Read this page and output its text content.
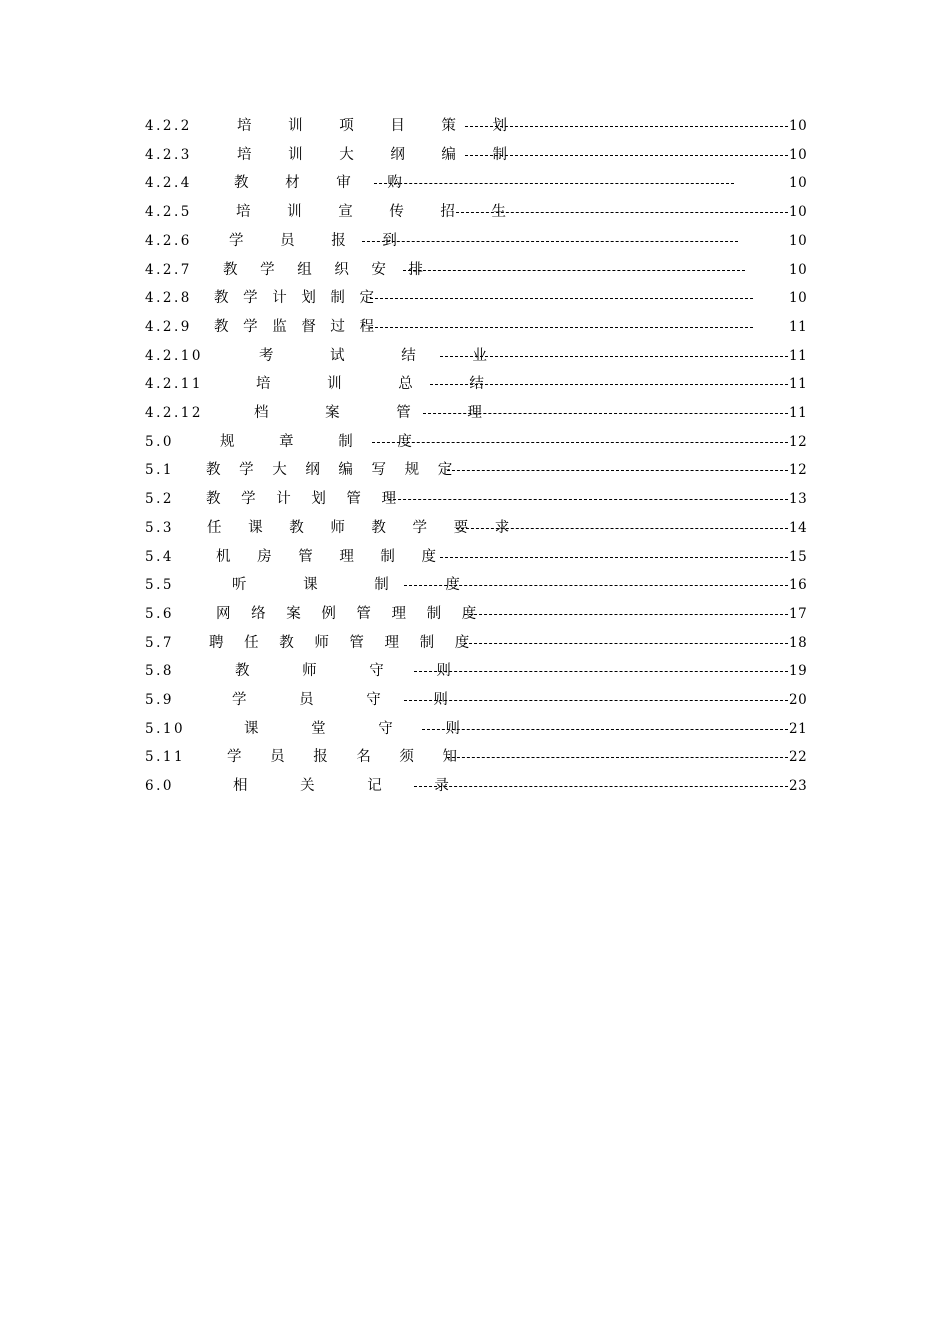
4.2.2	培 训 项 目 策 划	10
4.2.3	培 训 大 纲 编 制	10
4.2.4	教 材 审 购	10
4.2.5	培 训 宣 传 招 生	10
4.2.6	学 员 报 到	10
4.2.7 教 学 组 织 安 排	10
4.2.8 教 学 计 划 制 定	10
4.2.9 教 学 监 督 过 程	11
4.2.10	考 试 结 业	11
4.2.11	培 训 总 结	11
4.2.12	档 案 管 理	11
5.0	规 章 制 度	12
5.1 教 学 大 纲 编 写 规 定	12
5.2 教 学 计 划 管 理	13
5.3 任 课 教 师 教 学 要 求	14
5.4	机 房 管 理 制 度	15
5.5	听 课 制 度	16
5.6	网 络 案 例 管 理 制 度	17
5.7 聘 任 教 师 管 理 制 度	18
5.8	教 师 守 则	19
5.9	学 员 守 则	20
5.10	课 堂 守 则	21
5.11	学 员 报 名 须 知	22
6.0	相 关 记 录	23
